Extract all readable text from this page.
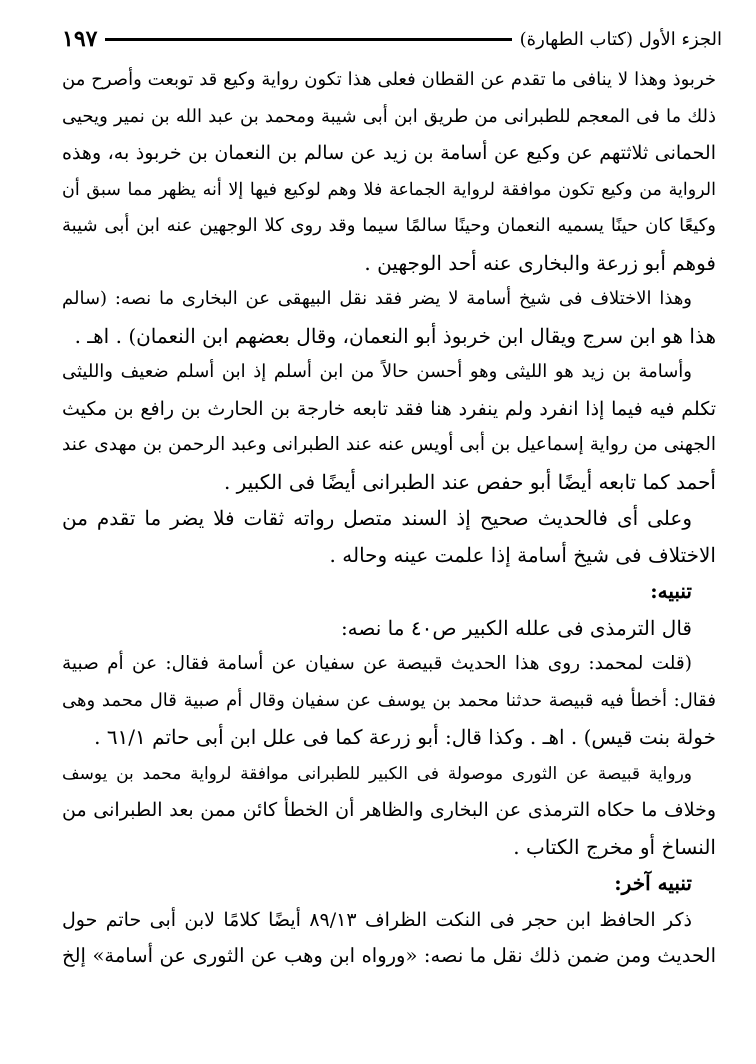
الجزء الأول (كتاب الطهارة)
١٩٧
خربوذ وهذا لا ينافى ما تقدم عن القطان فعلى هذا تكون رواية وكيع قد توبعت وأصرح من
ذلك ما فى المعجم للطبرانى من طريق ابن أبى شيبة ومحمد بن عبد الله بن نمير ويحيى
الحمانى ثلاثتهم عن وكيع عن أسامة بن زيد عن سالم بن النعمان بن خربوذ به، وهذه
الرواية من وكيع تكون موافقة لرواية الجماعة فلا وهم لوكيع فيها إلا أنه يظهر مما سبق أن
وكيعًا كان حينًا يسميه النعمان وحينًا سالمًا سيما وقد روى كلا الوجهين عنه ابن أبى شيبة
فوهم أبو زرعة والبخارى عنه أحد الوجهين .
وهذا الاختلاف فى شيخ أسامة لا يضر فقد نقل البيهقى عن البخارى ما نصه: (سالم
هذا هو ابن سرج ويقال ابن خربوذ أبو النعمان، وقال بعضهم ابن النعمان) . اهـ .
وأسامة بن زيد هو الليثى وهو أحسن حالاً من ابن أسلم إذ ابن أسلم ضعيف والليثى
تكلم فيه فيما إذا انفرد ولم ينفرد هنا فقد تابعه خارجة بن الحارث بن رافع بن مكيث
الجهنى من رواية إسماعيل بن أبى أويس عنه عند الطبرانى وعبد الرحمن بن مهدى عند
أحمد كما تابعه أيضًا أبو حفص عند الطبرانى أيضًا فى الكبير .
وعلى أى فالحديث صحيح إذ السند متصل رواته ثقات فلا يضر ما تقدم من
الاختلاف فى شيخ أسامة إذا علمت عينه وحاله .
تنبيه:
قال الترمذى فى علله الكبير ص٤٠ ما نصه:
(قلت لمحمد: روى هذا الحديث قبيصة عن سفيان عن أسامة فقال: عن أم صبية
فقال: أخطأ فيه قبيصة حدثنا محمد بن يوسف عن سفيان وقال أم صبية قال محمد وهى
خولة بنت قيس) . اهـ . وكذا قال: أبو زرعة كما فى علل ابن أبى حاتم ٦١/١ .
ورواية قبيصة عن الثورى موصولة فى الكبير للطبرانى موافقة لرواية محمد بن يوسف
وخلاف ما حكاه الترمذى عن البخارى والظاهر أن الخطأ كائن ممن بعد الطبرانى من
النساخ أو مخرج الكتاب .
تنبيه آخر:
ذكر الحافظ ابن حجر فى النكت الظراف ٨٩/١٣ أيضًا كلامًا لابن أبى حاتم حول
الحديث ومن ضمن ذلك نقل ما نصه: «ورواه ابن وهب عن الثورى عن أسامة» إلخ
